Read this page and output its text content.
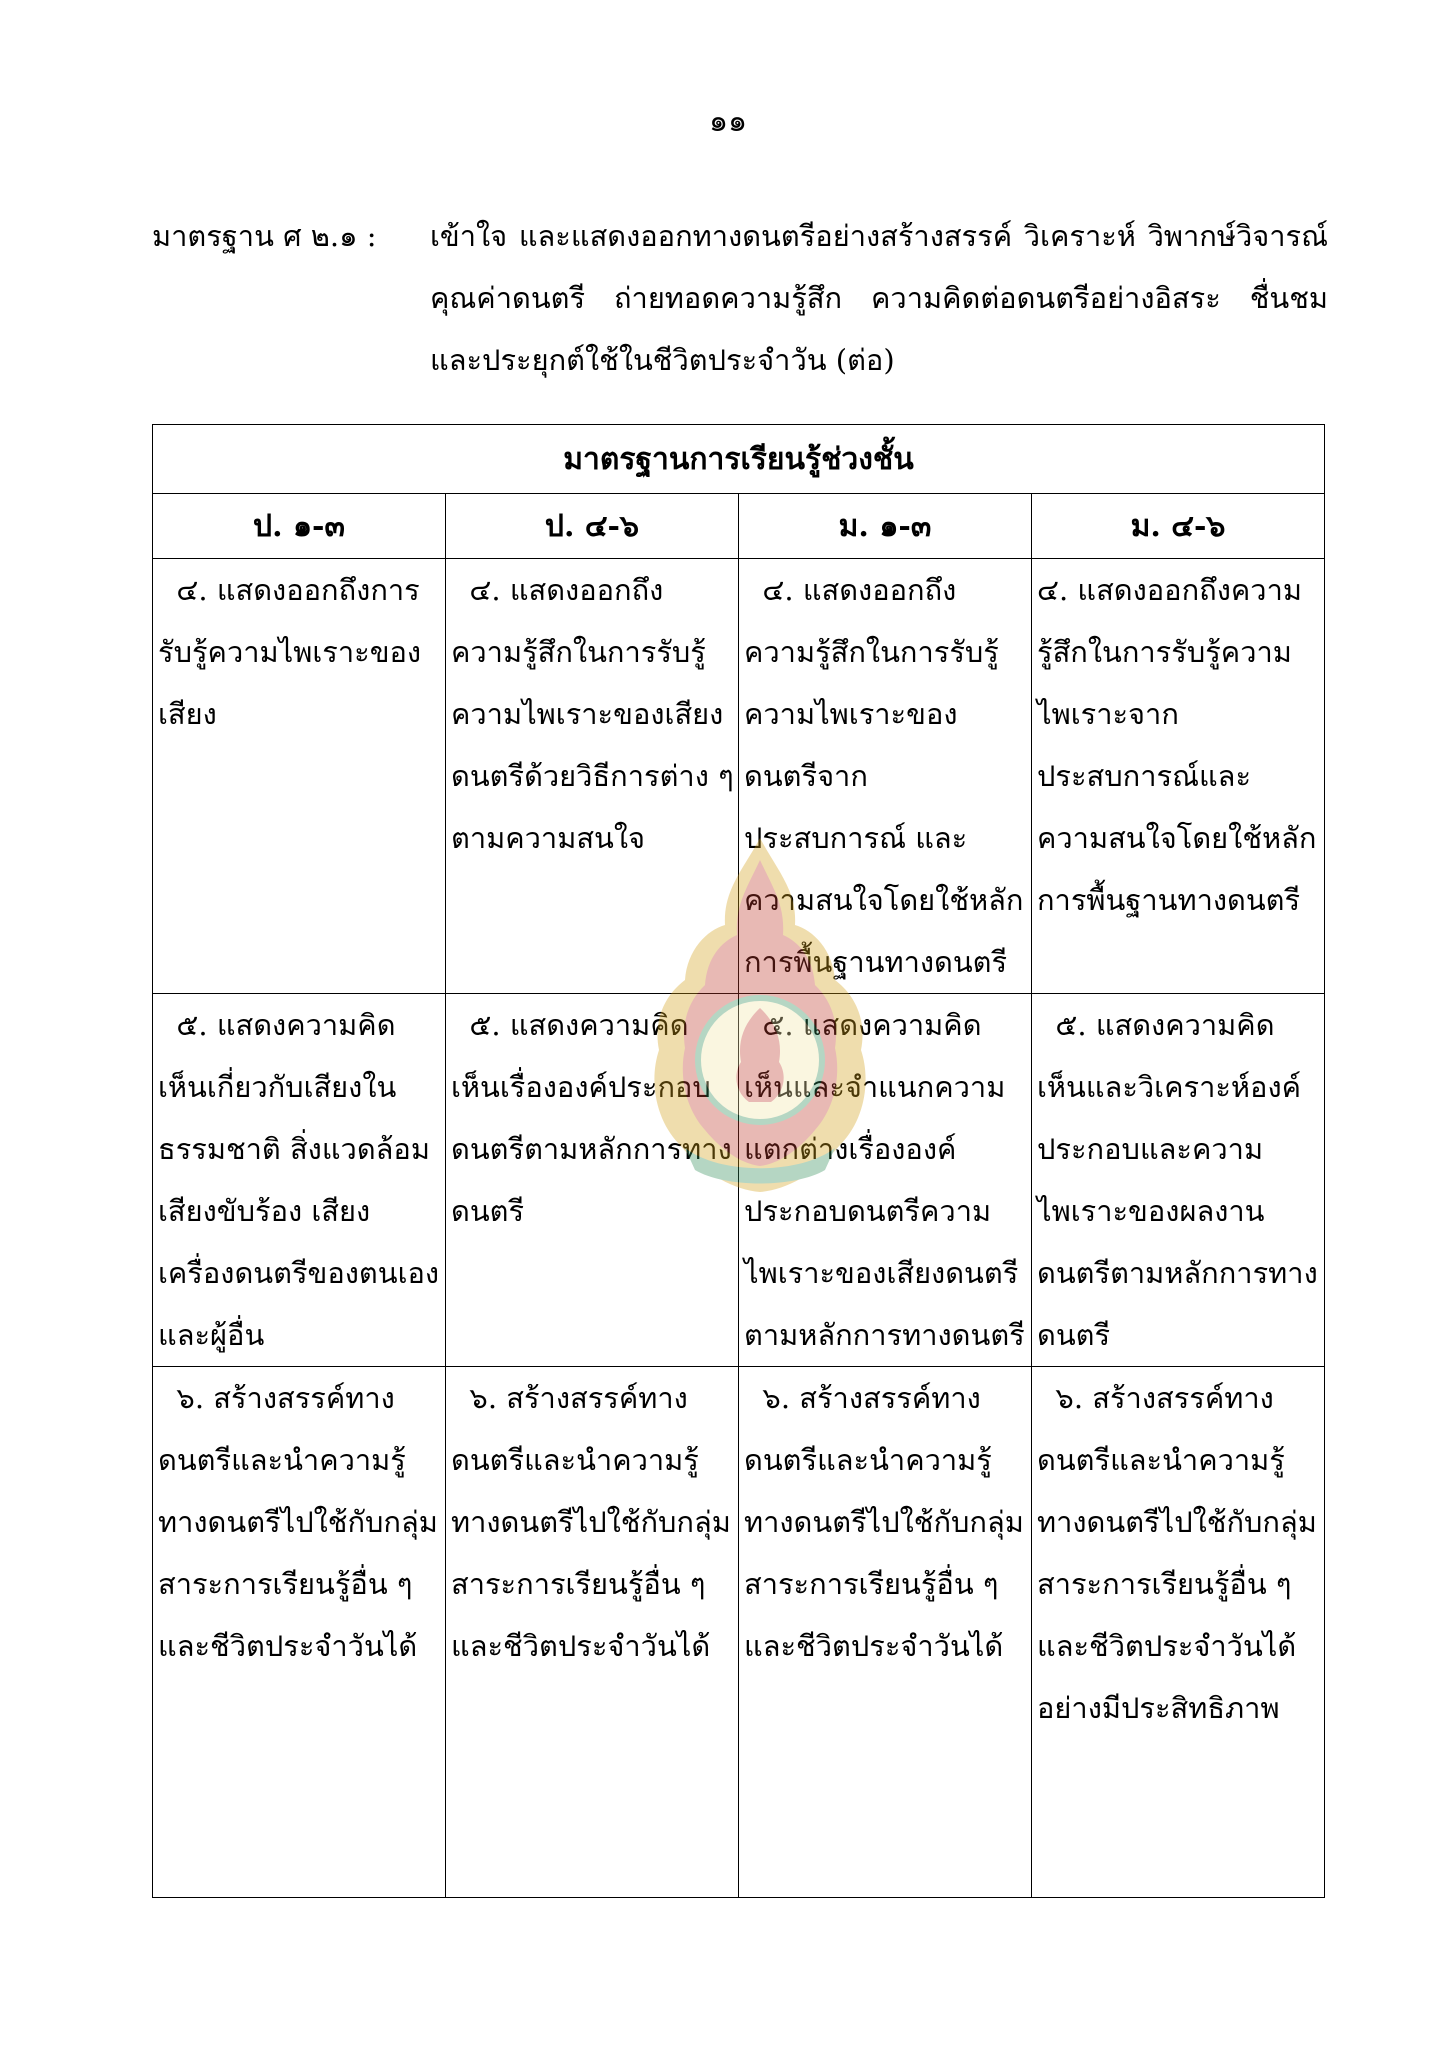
๑๑
มาตรฐาน ศ ๒.๑ :	เข้าใจ และแสดงออกทางดนตรีอย่างสร้างสรรค์ วิเคราะห์ วิพากษ์วิจารณ์ คุณค่าดนตรี ถ่ายทอดความรู้สึก ความคิดต่อดนตรีอย่างอิสระ ชื่นชม และประยุกต์ใช้ในชีวิตประจำวัน (ต่อ)
มาตรฐานการเรียนรู้ช่วงชั้น			
ป. ๑-๓	ป. ๔-๖	ม. ๑-๓	ม. ๔-๖
๔. แสดงออกถึงการรับรู้ความไพเราะของเสียง	๔. แสดงออกถึงความรู้สึกในการรับรู้ความไพเราะของเสียงดนตรีด้วยวิธีการต่าง ๆ ตามความสนใจ	๔. แสดงออกถึงความรู้สึกในการรับรู้ความไพเราะของดนตรีจากประสบการณ์ และความสนใจโดยใช้หลักการพื้นฐานทางดนตรี	๔. แสดงออกถึงความรู้สึกในการรับรู้ความไพเราะจากประสบการณ์และความสนใจโดยใช้หลักการพื้นฐานทางดนตรี
๕. แสดงความคิดเห็นเกี่ยวกับเสียงในธรรมชาติ สิ่งแวดล้อม เสียงขับร้อง เสียงเครื่องดนตรีของตนเองและผู้อื่น	๕. แสดงความคิดเห็นเรื่ององค์ประกอบดนตรีตามหลักการทางดนตรี	๕. แสดงความคิดเห็นและจำแนกความแตกต่างเรื่ององค์ประกอบดนตรีความไพเราะของเสียงดนตรีตามหลักการทางดนตรี	๕. แสดงความคิดเห็นและวิเคราะห์องค์ประกอบและความไพเราะของผลงานดนตรีตามหลักการทางดนตรี
๖. สร้างสรรค์ทางดนตรีและนำความรู้ทางดนตรีไปใช้กับกลุ่มสาระการเรียนรู้อื่น ๆ และชีวิตประจำวันได้	๖. สร้างสรรค์ทางดนตรีและนำความรู้ทางดนตรีไปใช้กับกลุ่มสาระการเรียนรู้อื่น ๆ และชีวิตประจำวันได้	๖. สร้างสรรค์ทางดนตรีและนำความรู้ทางดนตรีไปใช้กับกลุ่มสาระการเรียนรู้อื่น ๆ และชีวิตประจำวันได้	๖. สร้างสรรค์ทางดนตรีและนำความรู้ทางดนตรีไปใช้กับกลุ่มสาระการเรียนรู้อื่น ๆ และชีวิตประจำวันได้อย่างมีประสิทธิภาพ
